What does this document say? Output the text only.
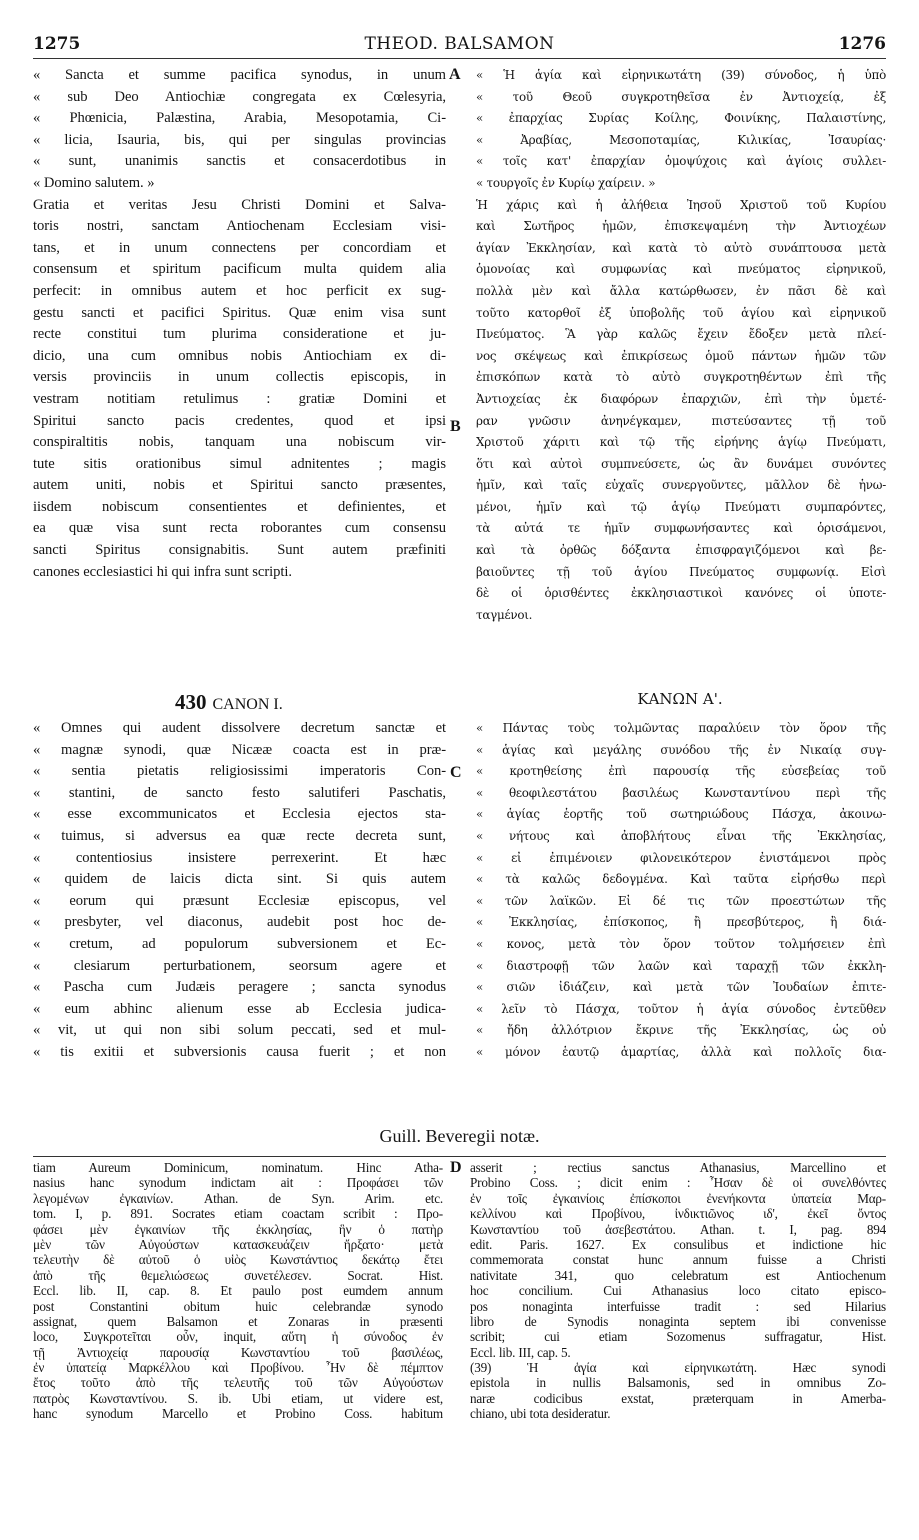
1275	THEOD. BALSAMON	1276
A
B
C
D
« Sancta et summe pacifica synodus, in unum
« sub Deo Antiochiæ congregata ex Cœlesyria,
« Phœnicia, Palæstina, Arabia, Mesopotamia, Ci-
« licia, Isauria, bis, qui per singulas provincias
« sunt, unanimis sanctis et consacerdotibus in
« Domino salutem. »
Gratia et veritas Jesu Christi Domini et Salva-
toris nostri, sanctam Antiochenam Ecclesiam visi-
tans, et in unum connectens per concordiam et
consensum et spiritum pacificum multa quidem alia
perfecit: in omnibus autem et hoc perficit ex sug-
gestu sancti et pacifici Spiritus. Quæ enim visa sunt
recte constitui tum plurima consideratione et ju-
dicio, una cum omnibus nobis Antiochiam ex di-
versis provinciis in unum collectis episcopis, in
vestram notitiam retulimus : gratiæ Domini et
Spiritui sancto pacis credentes, quod et ipsi
conspiraltitis nobis, tanquam una nobiscum vir-
tute sitis orationibus simul adnitentes ; magis
autem uniti, nobis et Spiritui sancto præsentes,
iisdem nobiscum consentientes et definientes, et
ea quæ visa sunt recta roborantes cum consensu
sancti Spiritus consignabitis. Sunt autem præfiniti
canones ecclesiastici hi qui infra sunt scripti.
« Ἡ ἁγία καὶ εἰρηνικωτάτη (39) σύνοδος, ἡ ὑπὸ
« τοῦ Θεοῦ συγκροτηθεῖσα ἐν Ἀντιοχείᾳ, ἐξ
« ἐπαρχίας Συρίας Κοίλης, Φοινίκης, Παλαιστίνης,
« Ἀραβίας, Μεσοποταμίας, Κιλικίας, Ἰσαυρίας·
« τοῖς κατ' ἐπαρχίαν ὁμοψύχοις καὶ ἁγίοις συλλει-
« τουργοῖς ἐν Κυρίῳ χαίρειν. »
Ἡ χάρις καὶ ἡ ἀλήθεια Ἰησοῦ Χριστοῦ τοῦ Κυρίου
καὶ Σωτῆρος ἡμῶν, ἐπισκεψαμένη τὴν Ἀντιοχέων
ἁγίαν Ἐκκλησίαν, καὶ κατὰ τὸ αὐτὸ συνάπτουσα μετὰ
ὁμονοίας καὶ συμφωνίας καὶ πνεύματος εἰρηνικοῦ,
πολλὰ μὲν καὶ ἄλλα κατώρθωσεν, ἐν πᾶσι δὲ καὶ
τοῦτο κατορθοῖ ἐξ ὑποβολῆς τοῦ ἁγίου καὶ εἰρηνικοῦ
Πνεύματος. Ἃ γὰρ καλῶς ἔχειν ἔδοξεν μετὰ πλεί-
νος σκέψεως καὶ ἐπικρίσεως ὁμοῦ πάντων ἡμῶν τῶν
ἐπισκόπων κατὰ τὸ αὐτὸ συγκροτηθέντων ἐπὶ τῆς
Ἀντιοχείας ἐκ διαφόρων ἐπαρχιῶν, ἐπὶ τὴν ὑμετέ-
ραν γνῶσιν ἀνηνέγκαμεν, πιστεύσαντες τῇ τοῦ
Χριστοῦ χάριτι καὶ τῷ τῆς εἰρήνης ἁγίῳ Πνεύματι,
ὅτι καὶ αὐτοὶ συμπνεύσετε, ὡς ἂν δυνάμει συνόντες
ἡμῖν, καὶ ταῖς εὐχαῖς συνεργοῦντες, μᾶλλον δὲ ἡνω-
μένοι, ἡμῖν καὶ τῷ ἁγίῳ Πνεύματι συμπαρόντες,
τὰ αὐτά τε ἡμῖν συμφωνήσαντες καὶ ὁρισάμενοι,
καὶ τὰ ὀρθῶς δόξαντα ἐπισφραγιζόμενοι καὶ βε-
βαιοῦντες τῇ τοῦ ἁγίου Πνεύματος συμφωνίᾳ. Εἰσὶ
δὲ οἱ ὁρισθέντες ἐκκλησιαστικοὶ κανόνες οἱ ὑποτε-
ταγμένοι.
430 CANON I.	ΚΑΝΩΝ Α'.
« Omnes qui audent dissolvere decretum sanctæ et
« magnæ synodi, quæ Nicææ coacta est in præ-
« sentia pietatis religiosissimi imperatoris Con-
« stantini, de sancto festo salutiferi Paschatis,
« esse excommunicatos et Ecclesia ejectos sta-
« tuimus, si adversus ea quæ recte decreta sunt,
« contentiosius insistere perrexerint. Et hæc
« quidem de laicis dicta sint. Si quis autem
« eorum qui præsunt Ecclesiæ episcopus, vel
« presbyter, vel diaconus, audebit post hoc de-
« cretum, ad populorum subversionem et Ec-
« clesiarum perturbationem, seorsum agere et
« Pascha cum Judæis peragere ; sancta synodus
« eum abhinc alienum esse ab Ecclesia judica-
« vit, ut qui non sibi solum peccati, sed et mul-
« tis exitii et subversionis causa fuerit ; et non
« Πάντας τοὺς τολμῶντας παραλύειν τὸν ὅρον τῆς
« ἁγίας καὶ μεγάλης συνόδου τῆς ἐν Νικαίᾳ συγ-
« κροτηθείσης ἐπὶ παρουσίᾳ τῆς εὐσεβείας τοῦ
« θεοφιλεστάτου βασιλέως Κωνσταντίνου περὶ τῆς
« ἁγίας ἑορτῆς τοῦ σωτηριώδους Πάσχα, ἀκοινω-
« νήτους καὶ ἀποβλήτους εἶναι τῆς Ἐκκλησίας,
« εἰ ἐπιμένοιεν φιλονεικότερον ἐνιστάμενοι πρὸς
« τὰ καλῶς δεδογμένα. Καὶ ταῦτα εἰρήσθω περὶ
« τῶν λαϊκῶν. Εἰ δέ τις τῶν προεστώτων τῆς
« Ἐκκλησίας, ἐπίσκοπος, ἢ πρεσβύτερος, ἢ διά-
« κονος, μετὰ τὸν ὅρον τοῦτον τολμήσειεν ἐπὶ
« διαστροφῇ τῶν λαῶν καὶ ταραχῇ τῶν ἐκκλη-
« σιῶν ἰδιάζειν, καὶ μετὰ τῶν Ἰουδαίων ἐπιτε-
« λεῖν τὸ Πάσχα, τοῦτον ἡ ἁγία σύνοδος ἐντεῦθεν
« ἤδη ἀλλότριον ἔκρινε τῆς Ἐκκλησίας, ὡς οὐ
« μόνον ἑαυτῷ ἁμαρτίας, ἀλλὰ καὶ πολλοῖς δια-
Guill. Beveregii notæ.
tiam Aureum Dominicum, nominatum. Hinc Atha-
nasius hanc synodum indictam ait : Προφάσει τῶν
λεγομένων ἐγκαινίων. Athan. de Syn. Arim. etc.
tom. I, p. 891. Socrates etiam coactam scribit : Προ-
φάσει μὲν ἐγκαινίων τῆς ἐκκλησίας, ἣν ὁ πατὴρ
μὲν τῶν Αὐγούστων κατασκευάζειν ἤρξατο· μετὰ
τελευτὴν δὲ αὐτοῦ ὁ υἱὸς Κωνστάντιος δεκάτῳ ἔτει
ἀπὸ τῆς θεμελιώσεως συνετέλεσεν. Socrat. Hist.
Eccl. lib. II, cap. 8. Et paulo post eumdem annum
post Constantini obitum huic celebrandæ synodo
assignat, quem Balsamon et Zonaras in præsenti
loco, Συγκροτεῖται οὖν, inquit, αὕτη ἡ σύνοδος ἐν
τῇ Ἀντιοχείᾳ παρουσίᾳ Κωνσταντίου τοῦ βασιλέως,
ἐν ὑπατείᾳ Μαρκέλλου καὶ Προβίνου. Ἦν δὲ πέμπτον
ἔτος τοῦτο ἀπὸ τῆς τελευτῆς τοῦ τῶν Αὐγούστων
πατρὸς Κωνσταντίνου. S. ib. Ubi etiam, ut videre est,
hanc synodum Marcello et Probino Coss. habitum
asserit ; rectius sanctus Athanasius, Marcellino et
Probino Coss. ; dicit enim : Ἦσαν δὲ οἱ συνελθόντες
ἐν τοῖς ἐγκαινίοις ἐπίσκοποι ἐνενήκοντα ὑπατεία Μαρ-
κελλίνου καὶ Προβίνου, ἰνδικτιῶνος ιδ', ἐκεῖ ὄντος
Κωνσταντίου τοῦ ἀσεβεστάτου. Athan. t. I, pag. 894
edit. Paris. 1627. Ex consulibus et indictione hic
commemorata constat hunc annum fuisse a Christi
nativitate 341, quo celebratum est Antiochenum
hoc concilium. Cui Athanasius loco citato episco-
pos nonaginta interfuisse tradit : sed Hilarius
libro de Synodis nonaginta septem ibi convenisse
scribit; cui etiam Sozomenus suffragatur, Hist.
Eccl. lib. III, cap. 5.
(39) Ἡ ἁγία καὶ εἰρηνικωτάτη. Hæc synodi
epistola in nullis Balsamonis, sed in omnibus Zo-
naræ codicibus exstat, præterquam in Amerba-
chiano, ubi tota desideratur.
